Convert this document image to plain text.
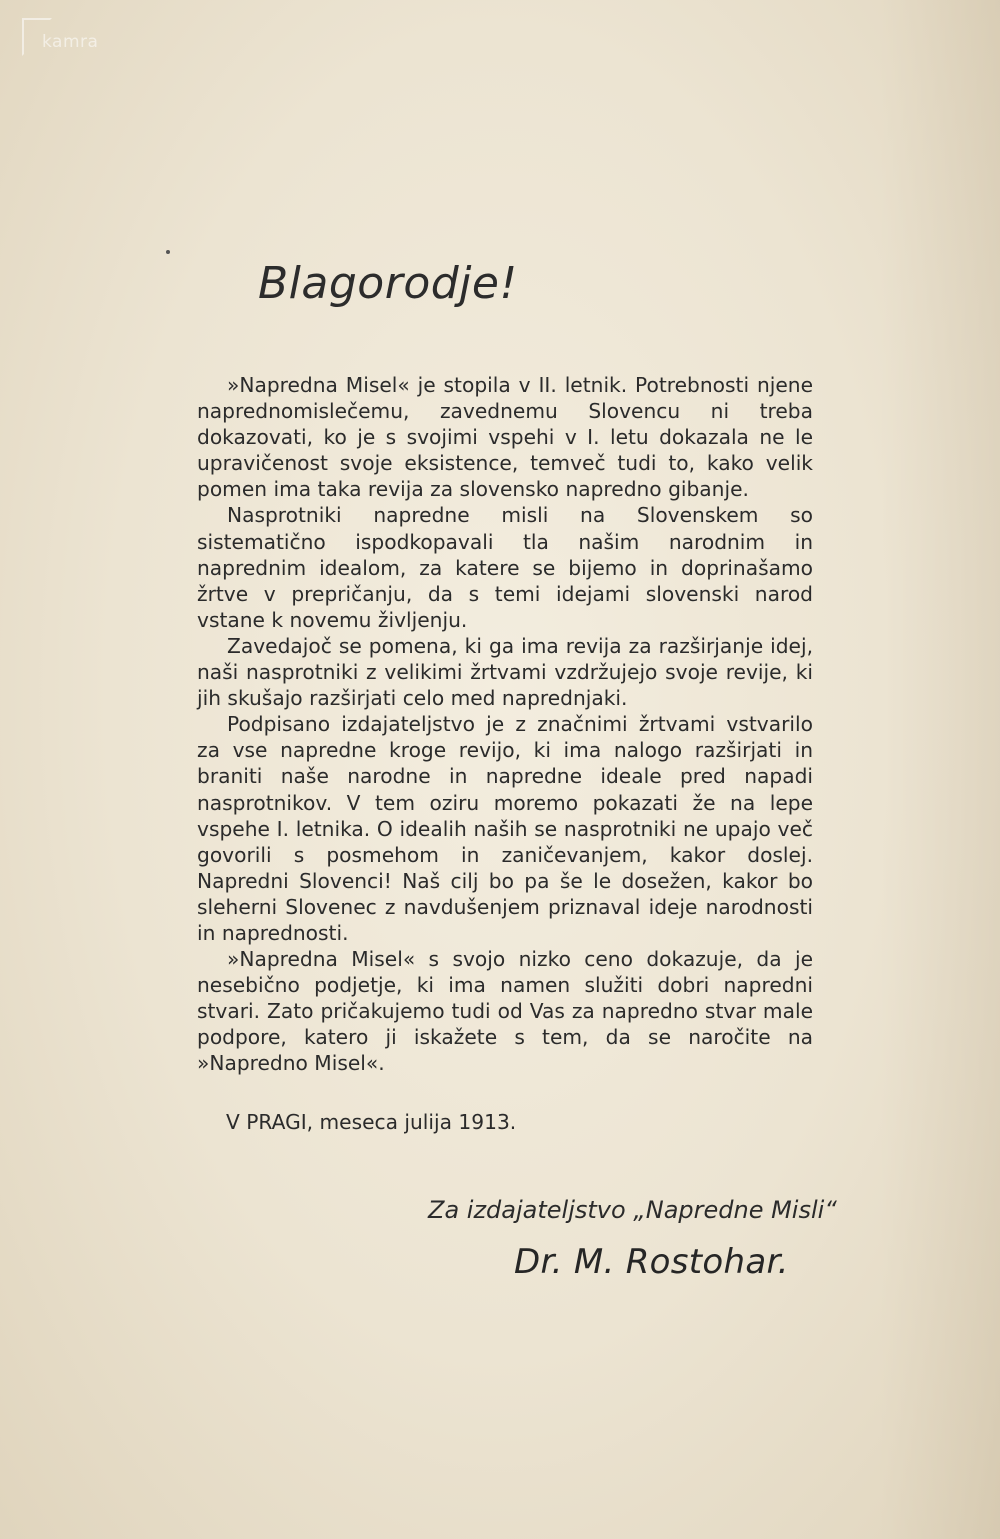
kamra
Blagorodje!

»Napredna Misel« je stopila v II. letnik. Potrebnosti njene naprednomislečemu, zavednemu Slovencu ni treba dokazovati, ko je s svojimi vspehi v I. letu dokazala ne le upravičenost svoje eksistence, temveč tudi to, kako velik pomen ima taka revija za slovensko napredno gibanje.

Nasprotniki napredne misli na Slovenskem so sistematično ispodkopavali tla našim narodnim in naprednim idealom, za katere se bijemo in doprinašamo žrtve v prepričanju, da s temi idejami slovenski narod vstane k novemu življenju.

Zavedajoč se pomena, ki ga ima revija za razširjanje idej, naši nasprotniki z velikimi žrtvami vzdržujejo svoje revije, ki jih skušajo razširjati celo med naprednjaki.

Podpisano izdajateljstvo je z značnimi žrtvami vstvarilo za vse napredne kroge revijo, ki ima nalogo razširjati in braniti naše narodne in napredne ideale pred napadi nasprotnikov. V tem oziru moremo pokazati že na lepe vspehe I. letnika. O idealih naših se nasprotniki ne upajo več govorili s posmehom in zaničevanjem, kakor doslej. Napredni Slovenci! Naš cilj bo pa še le dosežen, kakor bo sleherni Slovenec z navdušenjem priznaval ideje narodnosti in naprednosti.

»Napredna Misel« s svojo nizko ceno dokazuje, da je nesebično podjetje, ki ima namen služiti dobri napredni stvari. Zato pričakujemo tudi od Vas za napredno stvar male podpore, katero ji iskažete s tem, da se naročite na »Napredno Misel«.

V PRAGI, meseca julija 1913.
Za izdajateljstvo „Napredne Misli“
Dr. M. Rostohar.
